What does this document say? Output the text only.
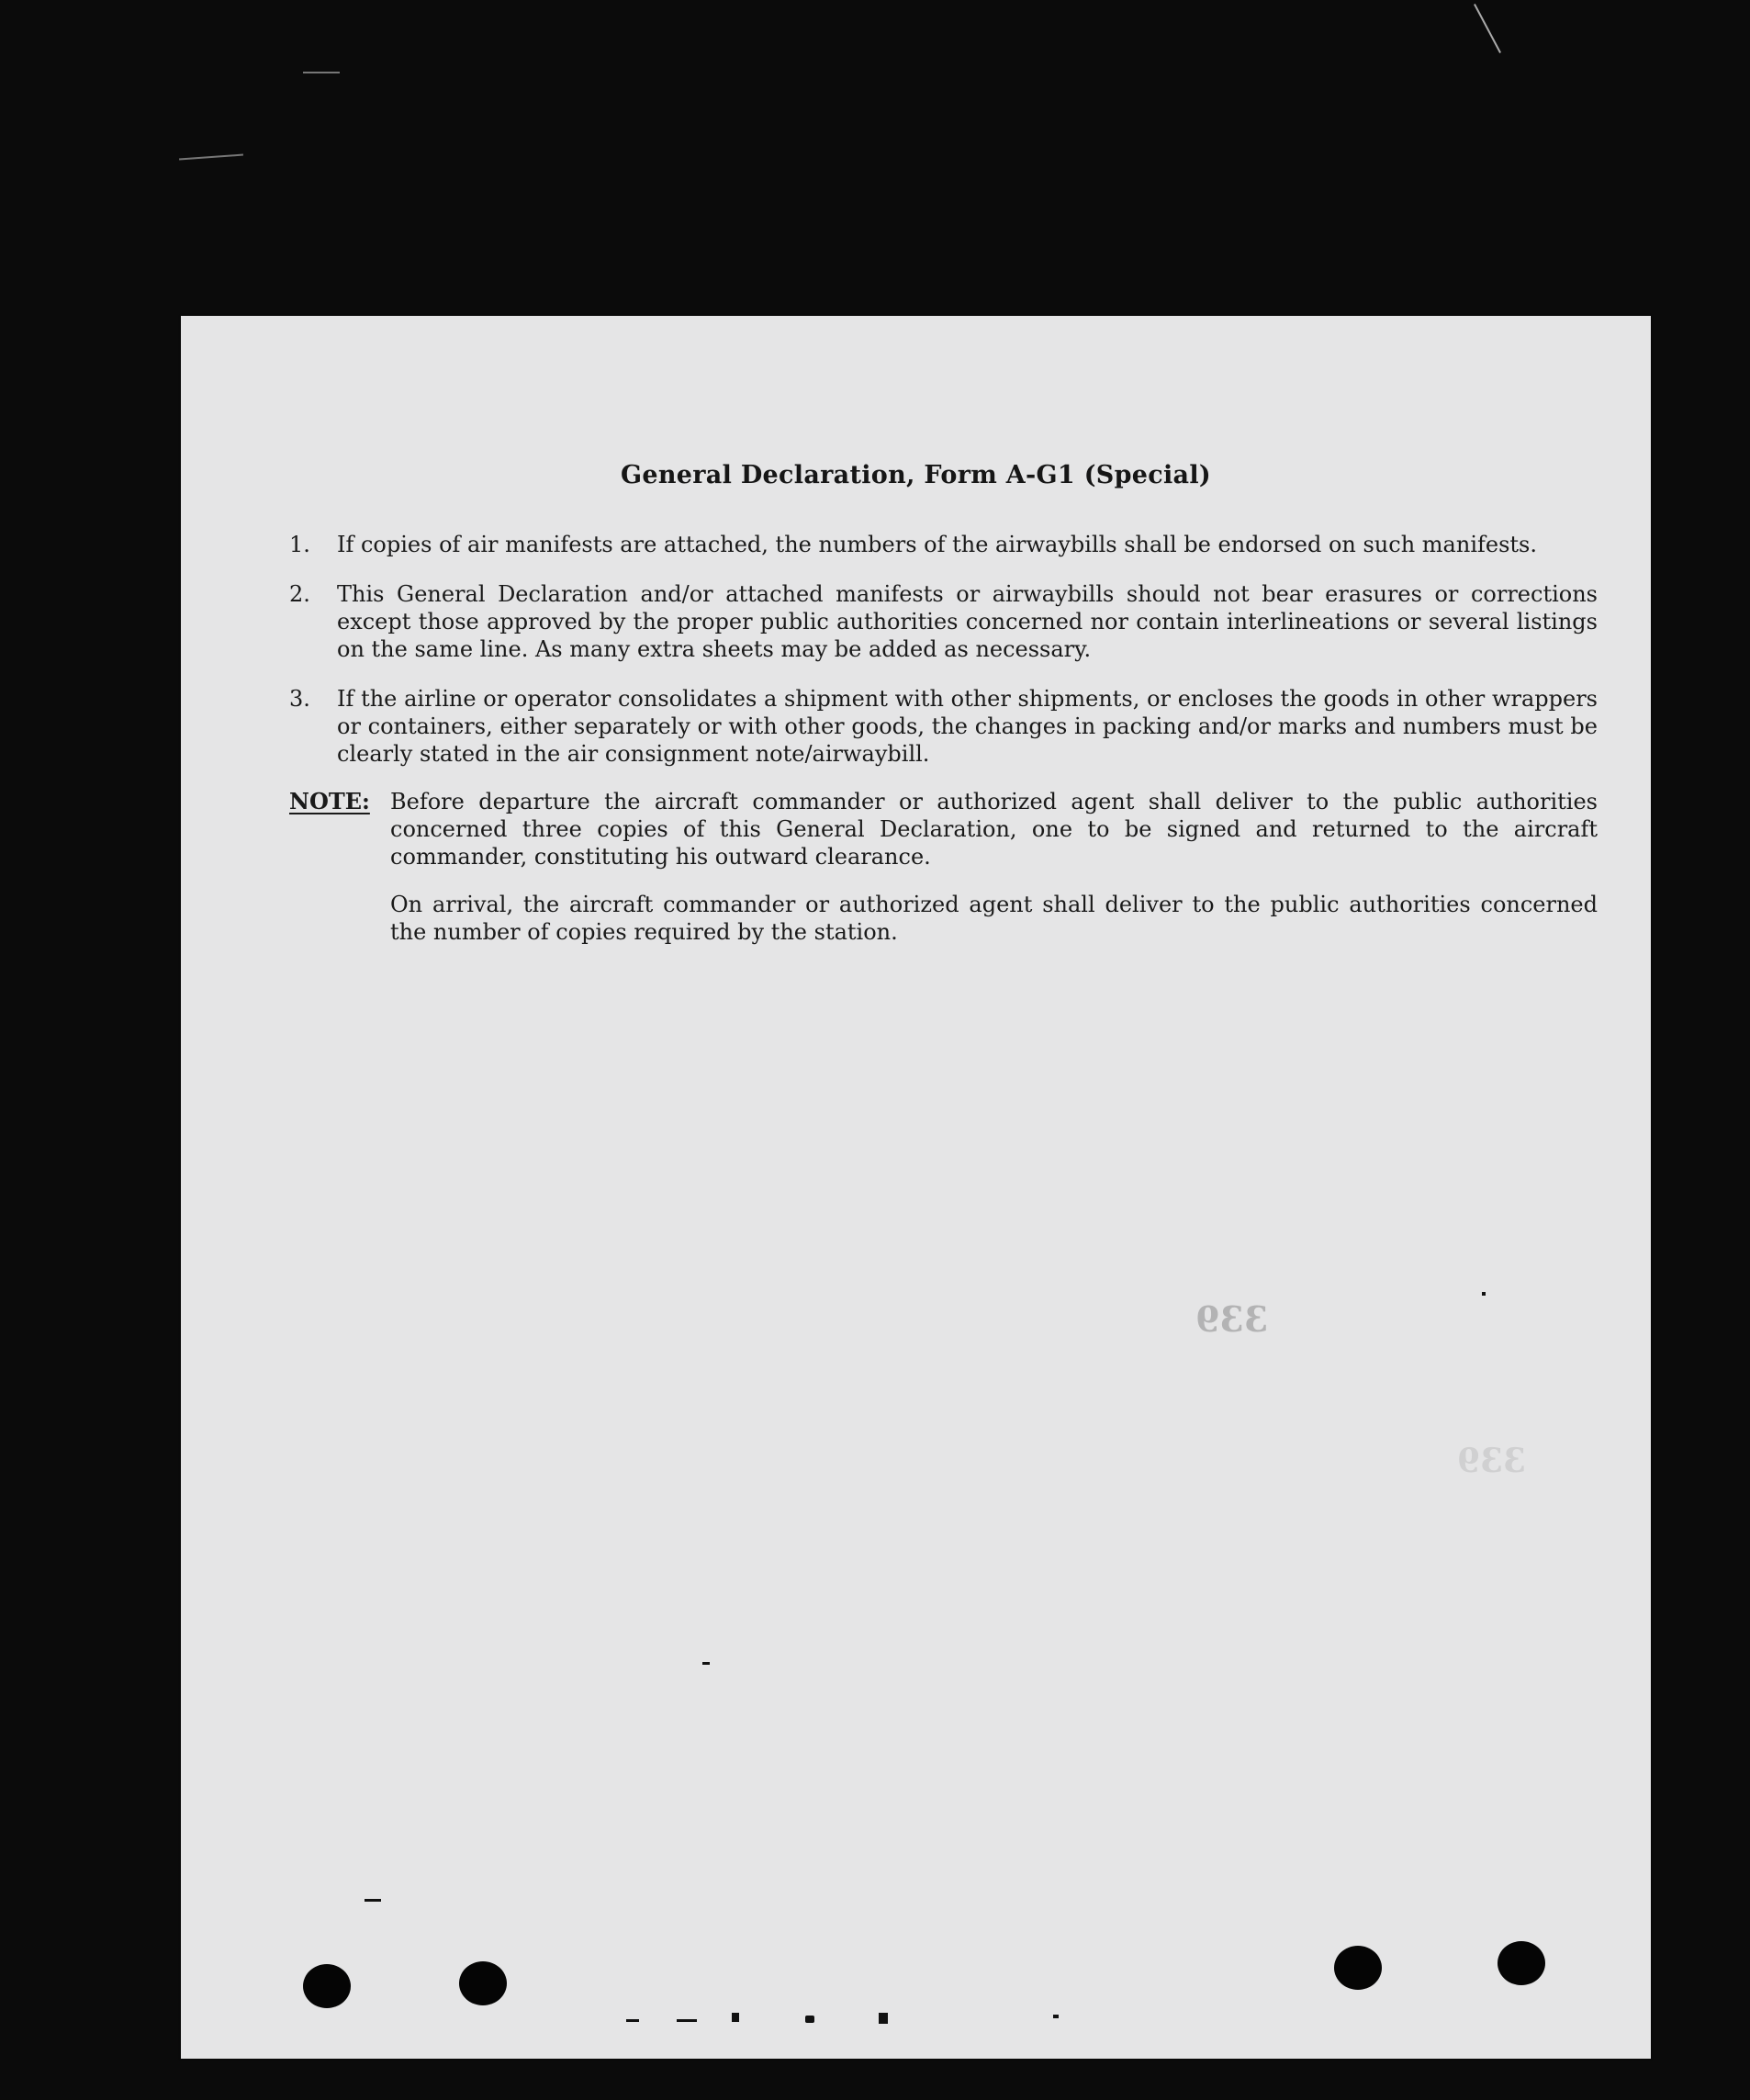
General Declaration, Form A-G1 (Special)
1.	If copies of air manifests are attached, the numbers of the airwaybills shall be endorsed on such manifests.
2.	This General Declaration and/or attached manifests or airwaybills should not bear erasures or corrections except those approved by the proper public authorities concerned nor contain interlineations or several listings on the same line. As many extra sheets may be added as necessary.
3.	If the airline or operator consolidates a shipment with other shipments, or encloses the goods in other wrappers or containers, either separately or with other goods, the changes in packing and/or marks and numbers must be clearly stated in the air consignment note/airwaybill.
NOTE: Before departure the aircraft commander or authorized agent shall deliver to the public authorities concerned three copies of this General Declaration, one to be signed and returned to the aircraft commander, constituting his outward clearance.
On arrival, the aircraft commander or authorized agent shall deliver to the public authorities concerned the number of copies required by the station.
339
339
